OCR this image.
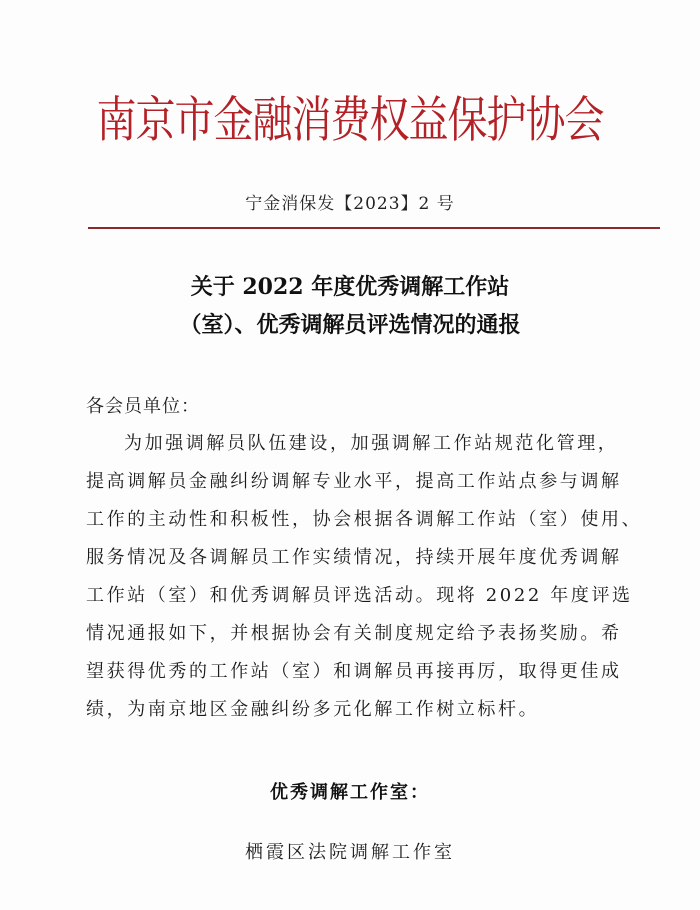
南京市金融消费权益保护协会
宁金消保发【2023】2 号
关于 2022 年度优秀调解工作站
（室）、优秀调解员评选情况的通报
各会员单位：
为加强调解员队伍建设，加强调解工作站规范化管理，
提高调解员金融纠纷调解专业水平，提高工作站点参与调解
工作的主动性和积板性，协会根据各调解工作站（室）使用、
服务情况及各调解员工作实绩情况，持续开展年度优秀调解
工作站（室）和优秀调解员评选活动。现将 2022 年度评选
情况通报如下，并根据协会有关制度规定给予表扬奖励。希
望获得优秀的工作站（室）和调解员再接再厉，取得更佳成
绩，为南京地区金融纠纷多元化解工作树立标杆。
优秀调解工作室：
栖霞区法院调解工作室
